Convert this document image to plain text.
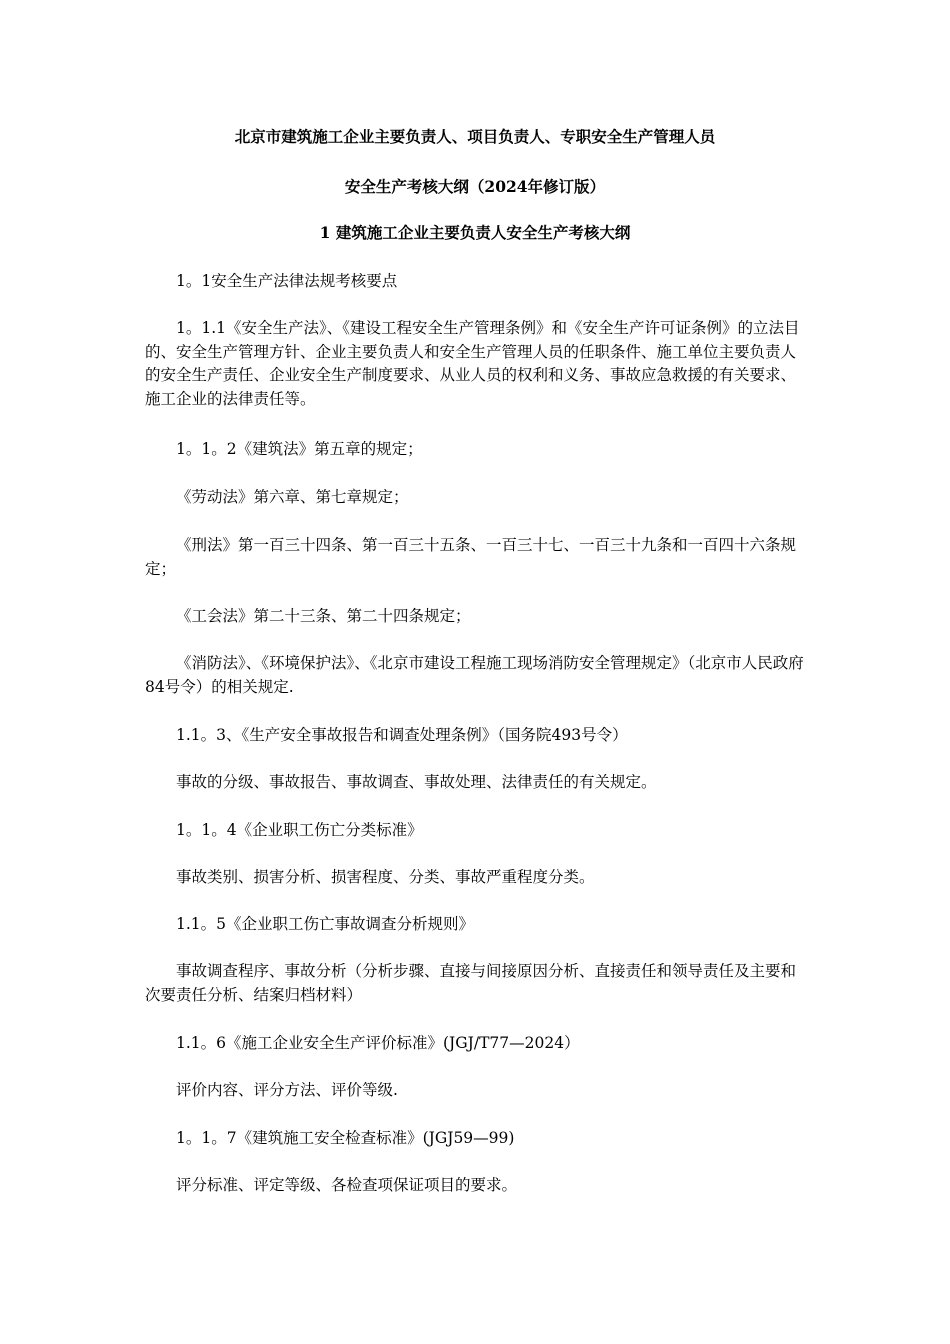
北京市建筑施工企业主要负责人、项目负责人、专职安全生产管理人员
安全生产考核大纲（2024年修订版）
1 建筑施工企业主要负责人安全生产考核大纲
1。1安全生产法律法规考核要点
1。1.1《安全生产法》、《建设工程安全生产管理条例》和《安全生产许可证条例》的立法目的、安全生产管理方针、企业主要负责人和安全生产管理人员的任职条件、施工单位主要负责人的安全生产责任、企业安全生产制度要求、从业人员的权利和义务、事故应急救援的有关要求、施工企业的法律责任等。
1。1。2《建筑法》第五章的规定；
《劳动法》第六章、第七章规定；
《刑法》第一百三十四条、第一百三十五条、一百三十七、一百三十九条和一百四十六条规定；
《工会法》第二十三条、第二十四条规定；
《消防法》、《环境保护法》、《北京市建设工程施工现场消防安全管理规定》（北京市人民政府84号令）的相关规定.
1.1。3、《生产安全事故报告和调查处理条例》（国务院493号令）
事故的分级、事故报告、事故调查、事故处理、法律责任的有关规定。
1。1。4《企业职工伤亡分类标准》
事故类别、损害分析、损害程度、分类、事故严重程度分类。
1.1。5《企业职工伤亡事故调查分析规则》
事故调查程序、事故分析（分析步骤、直接与间接原因分析、直接责任和领导责任及主要和次要责任分析、结案归档材料）
1.1。6《施工企业安全生产评价标准》(JGJ/T77—2024）
评价内容、评分方法、评价等级.
1。1。7《建筑施工安全检查标准》(JGJ59—99)
评分标准、评定等级、各检查项保证项目的要求。
